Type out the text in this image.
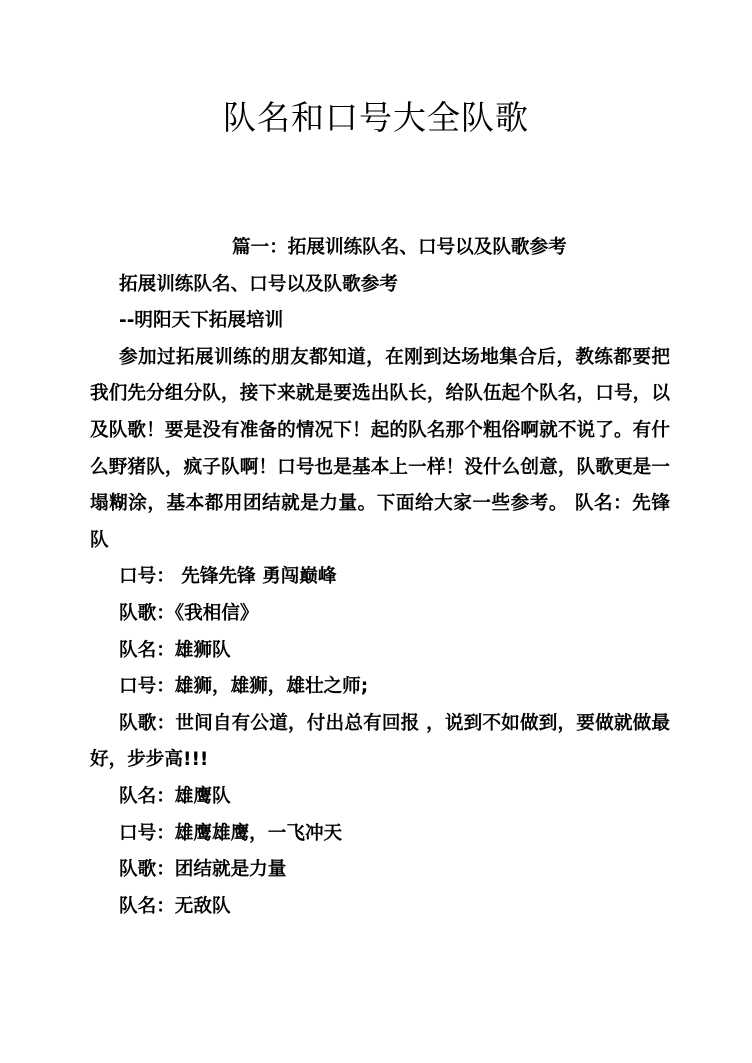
队名和口号大全队歌

篇一：拓展训练队名、口号以及队歌参考

拓展训练队名、口号以及队歌参考

--明阳天下拓展培训

参加过拓展训练的朋友都知道，在刚到达场地集合后，教练都要把我们先分组分队，接下来就是要选出队长，给队伍起个队名，口号，以及队歌！要是没有准备的情况下！起的队名那个粗俗啊就不说了。有什么野猪队，疯子队啊！口号也是基本上一样！没什么创意，队歌更是一塌糊涂，基本都用团结就是力量。下面给大家一些参考。 队名：先锋队

口号： 先锋先锋 勇闯巅峰

队歌：《我相信》

队名：雄狮队

口号：雄狮，雄狮，雄壮之师;

队歌：世间自有公道，付出总有回报 ，说到不如做到，要做就做最好，步步高!!!

队名：雄鹰队

口号：雄鹰雄鹰，一飞冲天

队歌：团结就是力量

队名：无敌队
